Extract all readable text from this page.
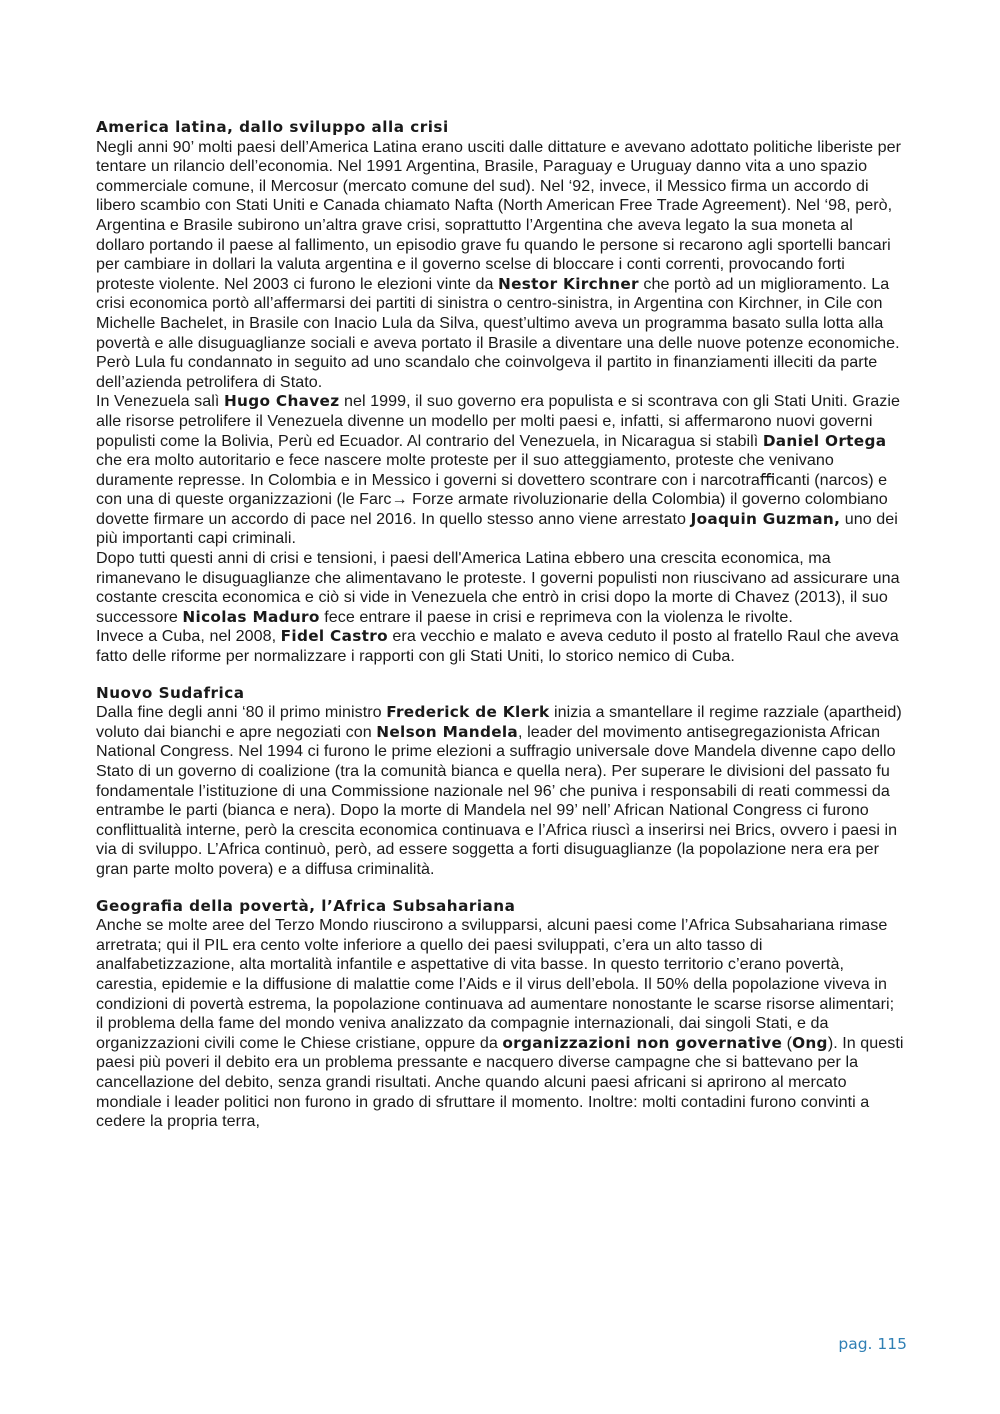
America latina, dallo sviluppo alla crisi

Negli anni 90’ molti paesi dell’America Latina erano usciti dalle dittature e avevano adottato politiche liberiste per tentare un rilancio dell’economia. Nel 1991 Argentina, Brasile, Paraguay e Uruguay danno vita a uno spazio commerciale comune, il Mercosur (mercato comune del sud). Nel ‘92, invece, il Messico ﬁrma un accordo di libero scambio con Stati Uniti e Canada chiamato Nafta (North American Free Trade Agreement). Nel ‘98, però, Argentina e Brasile subirono un’altra grave crisi, soprattutto l’Argentina che aveva legato la sua moneta al dollaro portando il paese al fallimento, un episodio grave fu quando le persone si recarono agli sportelli bancari per cambiare in dollari la valuta argentina e il governo scelse di bloccare i conti correnti, provocando forti proteste violente. Nel 2003 ci furono le elezioni vinte da Nestor Kirchner che portò ad un miglioramento. La crisi economica portò all’affermarsi dei partiti di sinistra o centro-sinistra, in Argentina con Kirchner, in Cile con Michelle Bachelet, in Brasile con Inacio Lula da Silva, quest’ultimo aveva un programma basato sulla lotta alla povertà e alle disuguaglianze sociali e aveva portato il Brasile a diventare una delle nuove potenze economiche. Però Lula fu condannato in seguito ad uno scandalo che coinvolgeva il partito in ﬁnanziamenti illeciti da parte dell’azienda petrolifera di Stato.

In Venezuela salì Hugo Chavez nel 1999, il suo governo era populista e si scontrava con gli Stati Uniti. Grazie alle risorse petrolifere il Venezuela divenne un modello per molti paesi e, infatti, si affermarono nuovi governi populisti come la Bolivia, Perù ed Ecuador. Al contrario del Venezuela, in Nicaragua si stabilì Daniel Ortega che era molto autoritario e fece nascere molte proteste per il suo atteggiamento, proteste che venivano duramente represse. In Colombia e in Messico i governi si dovettero scontrare con i narcotraﬃcanti (narcos) e con una di queste organizzazioni (le Farc→ Forze armate rivoluzionarie della Colombia) il governo colombiano dovette ﬁrmare un accordo di pace nel 2016. In quello stesso anno viene arrestato Joaquin Guzman, uno dei più importanti capi criminali.

Dopo tutti questi anni di crisi e tensioni, i paesi dell'America Latina ebbero una crescita economica, ma rimanevano le disuguaglianze che alimentavano le proteste. I governi populisti non riuscivano ad assicurare una costante crescita economica e ciò si vide in Venezuela che entrò in crisi dopo la morte di Chavez (2013), il suo successore Nicolas Maduro fece entrare il paese in crisi e reprimeva con la violenza le rivolte.

Invece a Cuba, nel 2008, Fidel Castro era vecchio e malato e aveva ceduto il posto al fratello Raul che aveva fatto delle riforme per normalizzare i rapporti con gli Stati Uniti, lo storico nemico di Cuba.

Nuovo Sudafrica

Dalla ﬁne degli anni ‘80 il primo ministro Frederick de Klerk inizia a smantellare il regime razziale (apartheid) voluto dai bianchi e apre negoziati con Nelson Mandela, leader del movimento antisegregazionista African National Congress. Nel 1994 ci furono le prime elezioni a suffragio universale dove Mandela divenne capo dello Stato di un governo di coalizione (tra la comunità bianca e quella nera). Per superare le divisioni del passato fu fondamentale l’istituzione di una Commissione nazionale nel 96’ che puniva i responsabili di reati commessi da entrambe le parti (bianca e nera). Dopo la morte di Mandela nel 99’ nell’ African National Congress ci furono conﬂittualità interne, però la crescita economica continuava e l’Africa riuscì a inserirsi nei Brics, ovvero i paesi in via di sviluppo. L’Africa continuò, però, ad essere soggetta a forti disuguaglianze (la popolazione nera era per gran parte molto povera) e a diffusa criminalità.

Geograﬁa della povertà, l’Africa Subsahariana

Anche se molte aree del Terzo Mondo riuscirono a svilupparsi, alcuni paesi come l’Africa Subsahariana rimase arretrata; qui il PIL era cento volte inferiore a quello dei paesi sviluppati, c’era un alto tasso di analfabetizzazione, alta mortalità infantile e aspettative di vita basse. In questo territorio c’erano povertà, carestia, epidemie e la diffusione di malattie come l’Aids e il virus dell’ebola. Il 50% della popolazione viveva in condizioni di povertà estrema, la popolazione continuava ad aumentare nonostante le scarse risorse alimentari; il problema della fame del mondo veniva analizzato da compagnie internazionali, dai singoli Stati, e da organizzazioni civili come le Chiese cristiane, oppure da organizzazioni non governative (Ong). In questi paesi più poveri il debito era un problema pressante e nacquero diverse campagne che si battevano per la cancellazione del debito, senza grandi risultati. Anche quando alcuni paesi africani si aprirono al mercato mondiale i leader politici non furono in grado di sfruttare il momento. Inoltre: molti contadini furono convinti a cedere la propria terra,

pag. 115
